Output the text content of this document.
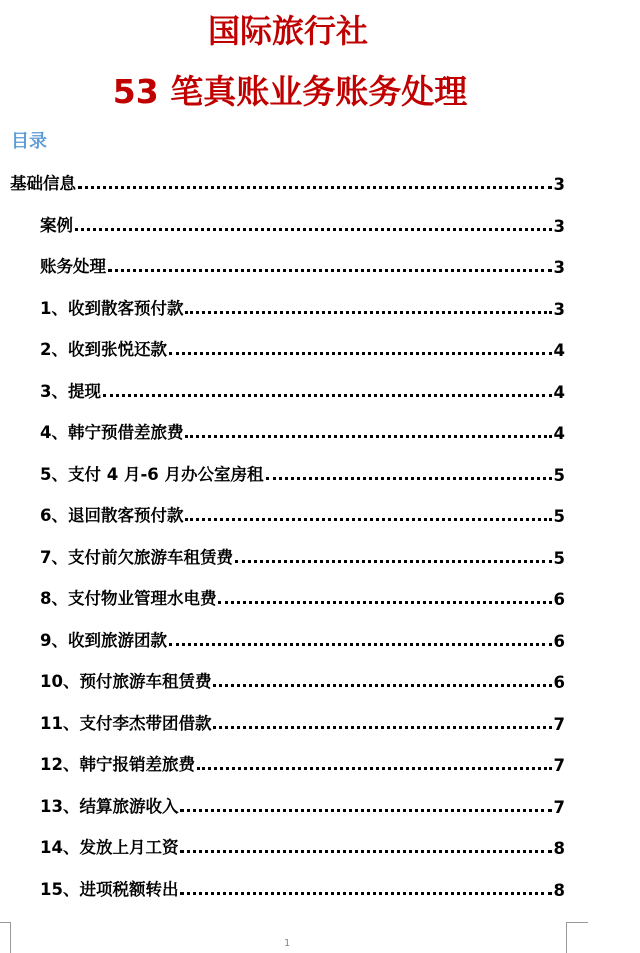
国际旅行社
53 笔真账业务账务处理
目录
基础信息	3
案例	3
账务处理	3
1、收到散客预付款	3
2、收到张悦还款	4
3、提现	4
4、韩宁预借差旅费	4
5、支付 4 月-6 月办公室房租	5
6、退回散客预付款	5
7、支付前欠旅游车租赁费	5
8、支付物业管理水电费	6
9、收到旅游团款	6
10、预付旅游车租赁费	6
11、支付李杰带团借款	7
12、韩宁报销差旅费	7
13、结算旅游收入	7
14、发放上月工资	8
15、进项税额转出	8
1
